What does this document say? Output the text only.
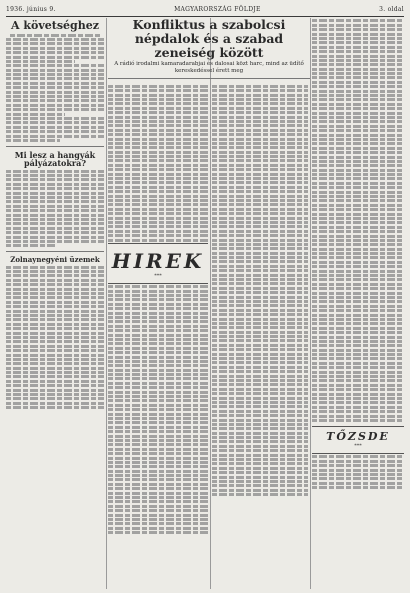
1936. június 9.	MAGYARORSZÁG FÖLDJE	3. oldal
A követséghez
Mi lesz a hangyák pályázatokra?
Zolnaynegyéni üzemek
Konfliktus a szabolcsi népdalok és a szabad zeneiség között
A rádió irodalmi kamaradarabjai és dalosai közt harc, mind az üdítő kereskedéssel érett meg
HIREK
***
TŐZSDE
***
